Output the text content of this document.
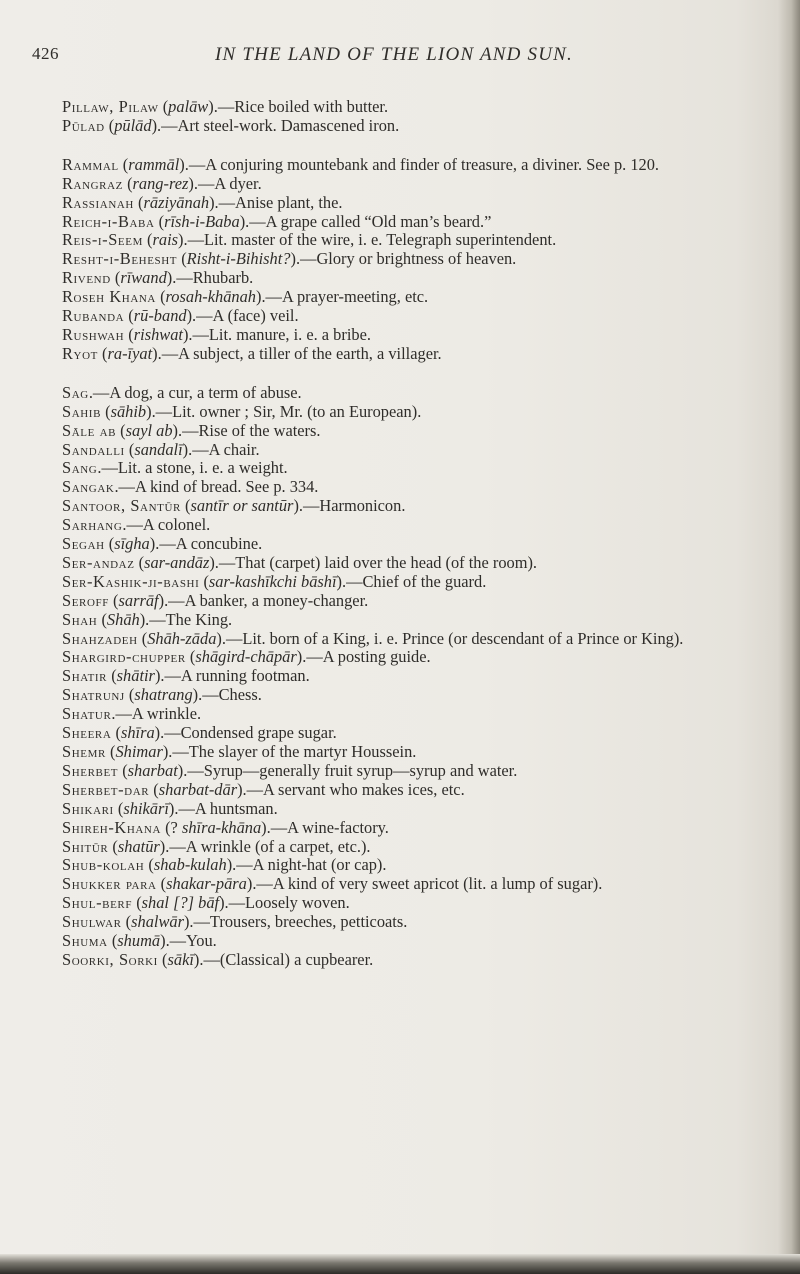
426	IN THE LAND OF THE LION AND SUN.

Pillaw, Pilaw (palāw).—Rice boiled with butter.

Pūlad (pūlād).—Art steel-work. Damascened iron.

Rammal (rammāl).—A conjuring mountebank and finder of treasure, a diviner. See p. 120.

Rangraz (rang-rez).—A dyer.

Rassianah (rāziyānah).—Anise plant, the.

Reich-i-Baba (rīsh-i-Baba).—A grape called “Old man’s beard.”

Reis-i-Seem (rais).—Lit. master of the wire, i. e. Telegraph superintendent.

Resht-i-Behesht (Risht-i-Bihisht?).—Glory or brightness of heaven.

Rivend (rīwand).—Rhubarb.

Roseh Khana (rosah-khānah).—A prayer-meeting, etc.

Rubanda (rū-band).—A (face) veil.

Rushwah (rishwat).—Lit. manure, i. e. a bribe.

Ryot (ra-īyat).—A subject, a tiller of the earth, a villager.

Sag.—A dog, a cur, a term of abuse.

Sahib (sāhib).—Lit. owner ; Sir, Mr. (to an European).

Sāle ab (sayl ab).—Rise of the waters.

Sandalli (sandalī).—A chair.

Sang.—Lit. a stone, i. e. a weight.

Sangak.—A kind of bread. See p. 334.

Santoor, Santūr (santīr or santūr).—Harmonicon.

Sarhang.—A colonel.

Segah (sīgha).—A concubine.

Ser-andaz (sar-andāz).—That (carpet) laid over the head (of the room).

Ser-Kashik-ji-bashi (sar-kashīkchi bāshī).—Chief of the guard.

Seroff (sarrāf).—A banker, a money-changer.

Shah (Shāh).—The King.

Shahzadeh (Shāh-zāda).—Lit. born of a King, i. e. Prince (or descendant of a Prince or King).

Shargird-chupper (shāgird-chāpār).—A posting guide.

Shatir (shātir).—A running footman.

Shatrunj (shatrang).—Chess.

Shatur.—A wrinkle.

Sheera (shīra).—Condensed grape sugar.

Shemr (Shimar).—The slayer of the martyr Houssein.

Sherbet (sharbat).—Syrup—generally fruit syrup—syrup and water.

Sherbet-dar (sharbat-dār).—A servant who makes ices, etc.

Shikari (shikārī).—A huntsman.

Shireh-Khana (? shīra-khāna).—A wine-factory.

Shitūr (shatūr).—A wrinkle (of a carpet, etc.).

Shub-kolah (shab-kulah).—A night-hat (or cap).

Shukker para (shakar-pāra).—A kind of very sweet apricot (lit. a lump of sugar).

Shul-berf (shal [?] bāf).—Loosely woven.

Shulwar (shalwār).—Trousers, breeches, petticoats.

Shuma (shumā).—You.

Soorki, Sorki (sākī).—(Classical) a cupbearer.
